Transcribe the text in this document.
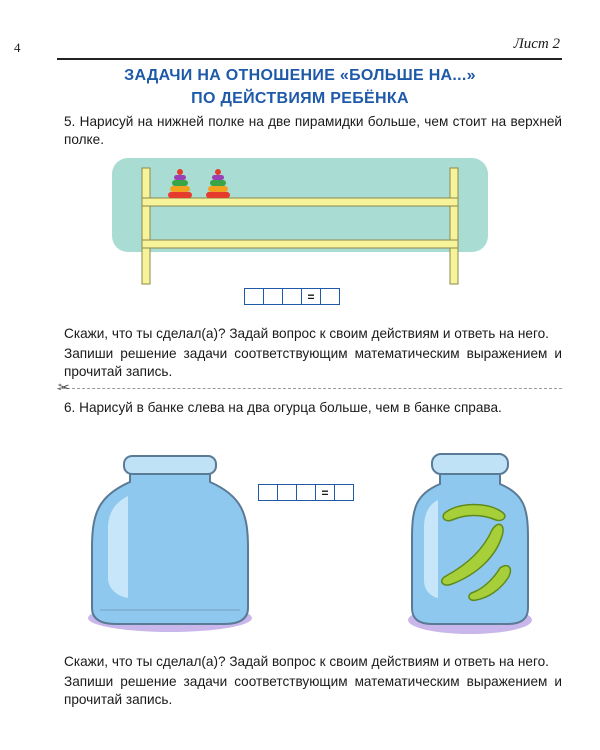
4	Лист 2
ЗАДАЧИ НА ОТНОШЕНИЕ «БОЛЬШЕ НА...»
ПО ДЕЙСТВИЯМ РЕБЁНКА
5. Нарисуй на нижней полке на две пирамидки больше, чем стоит на верхней полке.
=
Скажи, что ты сделал(а)? Задай вопрос к своим действиям и ответь на него.
Запиши решение задачи соответствующим математическим выражением и прочитай запись.
✂
6. Нарисуй в банке слева на два огурца больше, чем в банке справа.
=
Скажи, что ты сделал(а)? Задай вопрос к своим действиям и ответь на него.
Запиши решение задачи соответствующим математическим выражением и прочитай запись.
